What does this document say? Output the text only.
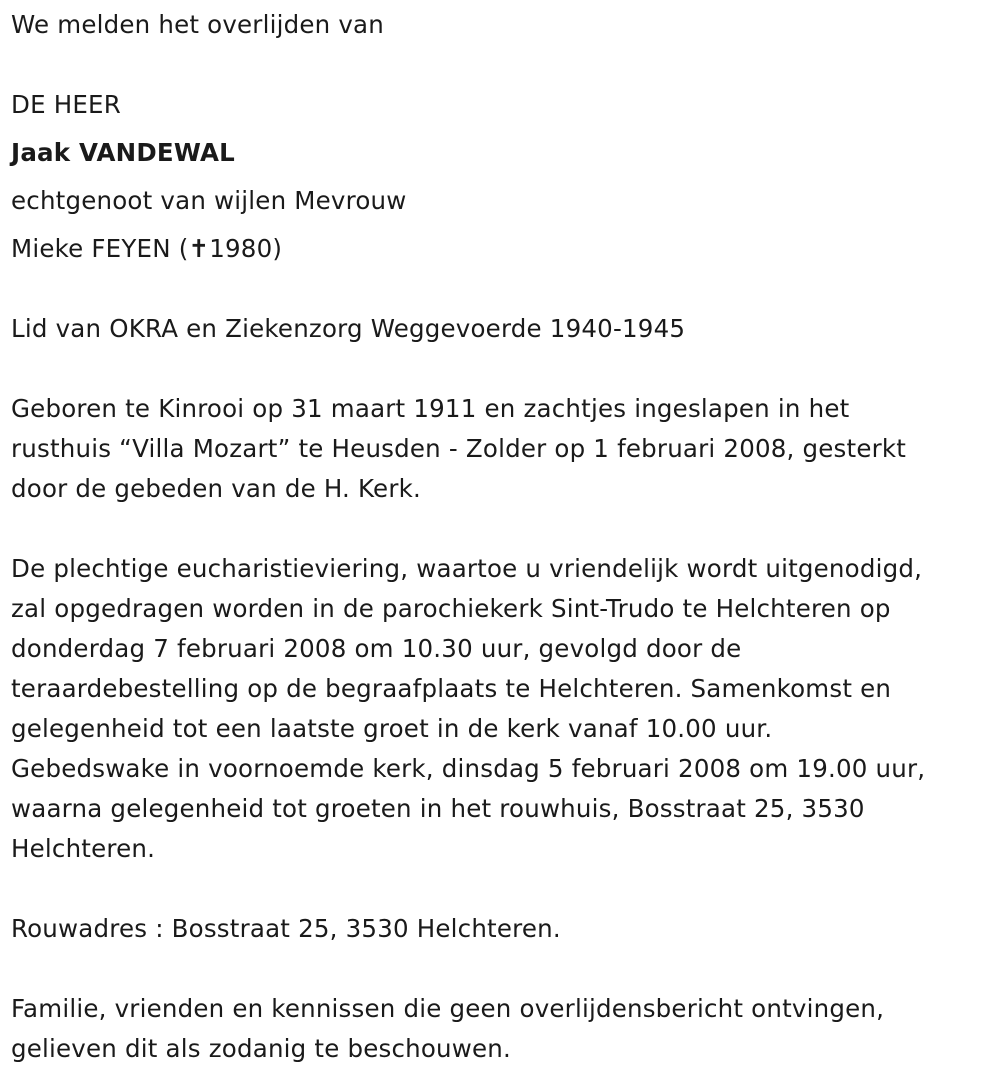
We melden het overlijden van

DE HEER

Jaak VANDEWAL

echtgenoot van wijlen Mevrouw

Mieke FEYEN (✝1980)

Lid van OKRA en Ziekenzorg Weggevoerde 1940-1945

Geboren te Kinrooi op 31 maart 1911 en zachtjes ingeslapen in het
rusthuis “Villa Mozart” te Heusden - Zolder op 1 februari 2008, gesterkt
door de gebeden van de H. Kerk.
De plechtige eucharistieviering, waartoe u vriendelijk wordt uitgenodigd,
zal opgedragen worden in de parochiekerk Sint-Trudo te Helchteren op
donderdag 7 februari 2008 om 10.30 uur, gevolgd door de
teraardebestelling op de begraafplaats te Helchteren. Samenkomst en
gelegenheid tot een laatste groet in de kerk vanaf 10.00 uur.
Gebedswake in voornoemde kerk, dinsdag 5 februari 2008 om 19.00 uur,
waarna gelegenheid tot groeten in het rouwhuis, Bosstraat 25, 3530
Helchteren.

Rouwadres : Bosstraat 25, 3530 Helchteren.

Familie, vrienden en kennissen die geen overlijdensbericht ontvingen,
gelieven dit als zodanig te beschouwen.
